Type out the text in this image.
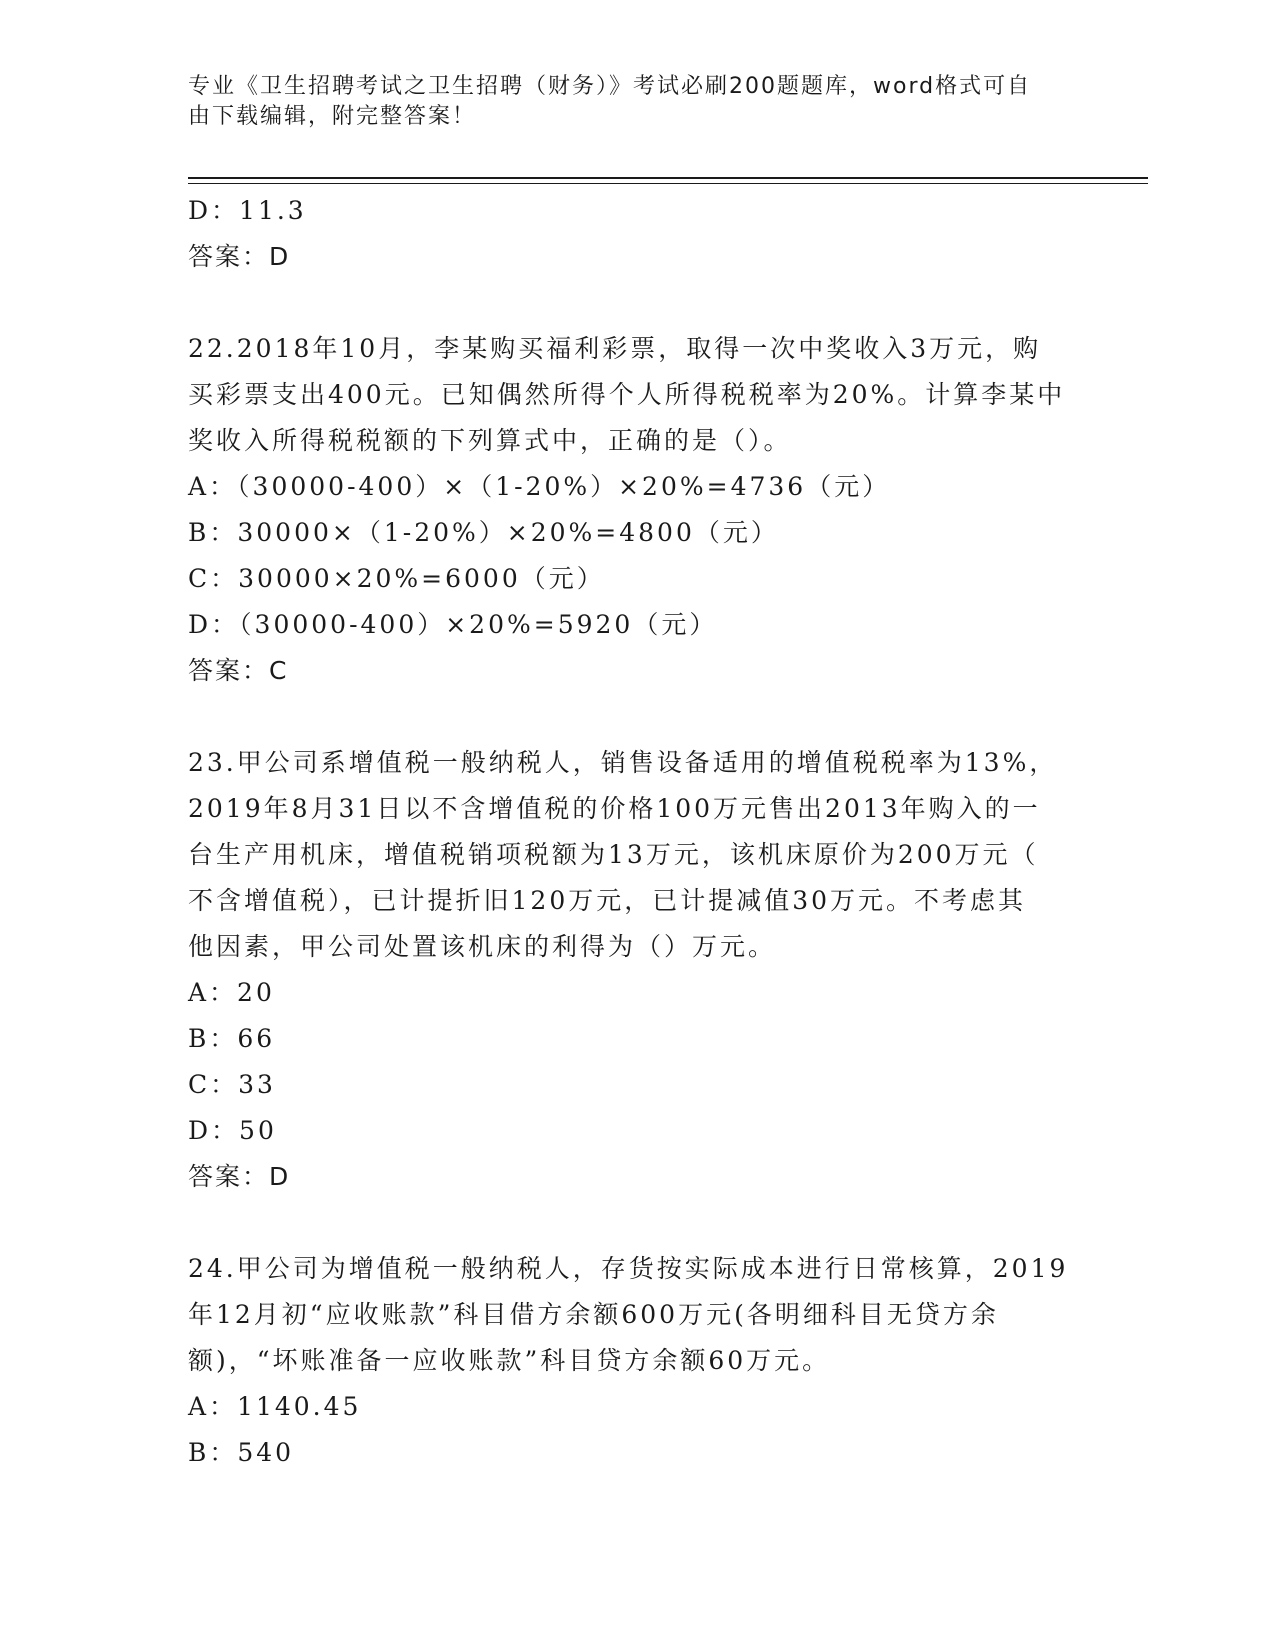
专业《卫生招聘考试之卫生招聘（财务）》考试必刷200题题库，word格式可自
由下载编辑，附完整答案！
D：11.3
答案：D
22.2018年10月，李某购买福利彩票，取得一次中奖收入3万元，购
买彩票支出400元。已知偶然所得个人所得税税率为20%。计算李某中
奖收入所得税税额的下列算式中，正确的是（）。
A：（30000-400）×（1-20%）×20%=4736（元）
B：30000×（1-20%）×20%=4800（元）
C：30000×20%=6000（元）
D：（30000-400）×20%=5920（元）
答案：C
23.甲公司系增值税一般纳税人，销售设备适用的增值税税率为13%，
2019年8月31日以不含增值税的价格100万元售出2013年购入的一
台生产用机床，增值税销项税额为13万元，该机床原价为200万元（
不含增值税），已计提折旧120万元，已计提减值30万元。不考虑其
他因素，甲公司处置该机床的利得为（）万元。
A：20
B：66
C：33
D：50
答案：D
24.甲公司为增值税一般纳税人，存货按实际成本进行日常核算，2019
年12月初“应收账款”科目借方余额600万元(各明细科目无贷方余
额)，“坏账准备一应收账款”科目贷方余额60万元。
A：1140.45
B：540
